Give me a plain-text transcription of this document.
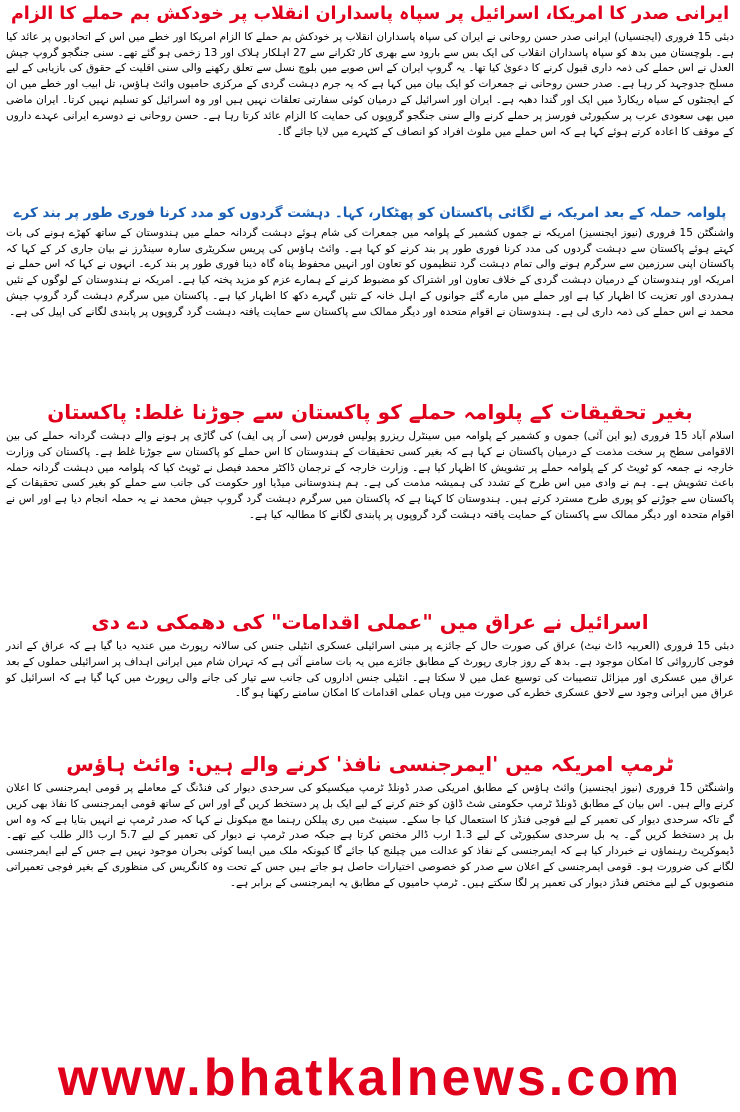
ایرانی صدر کا امریکا، اسرائیل پر سپاہ پاسداران انقلاب پر خودکش بم حملے کا الزام

دبئی 15 فروری (ایجنسیاں) ایرانی صدر حسن روحانی نے ایران کی سپاہ پاسداران انقلاب پر خودکش بم حملے کا الزام امریکا اور خطے میں اس کے اتحادیوں پر عائد کیا ہے۔ بلوچستان میں بدھ کو سپاہ پاسداران انقلاب کی ایک بس سے بارود سے بھری کار ٹکرانے سے 27 اہلکار ہلاک اور 13 زخمی ہو گئے تھے۔ سنی جنگجو گروپ جیش العدل نے اس حملے کی ذمہ داری قبول کرنے کا دعویٰ کیا تھا۔ یہ گروپ ایران کے اس صوبے میں بلوچ نسل سے تعلق رکھنے والی سنی اقلیت کے حقوق کی بازیابی کے لیے مسلح جدوجہد کر رہا ہے۔ صدر حسن روحانی نے جمعرات کو ایک بیان میں کہا ہے کہ یہ جرم دہشت گردی کے مرکزی حامیوں وائٹ ہاؤس، تل ابیب اور خطے میں ان کے ایجنٹوں کے سیاہ ریکارڈ میں ایک اور گندا دھبہ ہے۔ ایران اور اسرائیل کے درمیان کوئی سفارتی تعلقات نہیں ہیں اور وہ اسرائیل کو تسلیم نہیں کرتا۔ ایران ماضی میں بھی سعودی عرب پر سکیورٹی فورسز پر حملے کرنے والے سنی جنگجو گروپوں کی حمایت کا الزام عائد کرتا رہا ہے۔ حسن روحانی نے دوسرے ایرانی عہدے داروں کے موقف کا اعادہ کرتے ہوئے کہا ہے کہ اس حملے میں ملوث افراد کو انصاف کے کٹہرے میں لایا جائے گا۔

پلوامہ حملہ کے بعد امریکہ نے لگائی پاکستان کو پھٹکار، کہا۔ دہشت گردوں کو مدد کرنا فوری طور پر بند کرے

واشنگٹن 15 فروری (نیوز ایجنسیز) امریکہ نے جموں کشمیر کے پلوامہ میں جمعرات کی شام ہوئے دہشت گردانہ حملے میں ہندوستان کے ساتھ کھڑے ہونے کی بات کہتے ہوئے پاکستان سے دہشت گردوں کی مدد کرنا فوری طور پر بند کرنے کو کہا ہے۔ وائٹ ہاؤس کی پریس سکریٹری سارہ سینڈرز نے بیان جاری کر کے کہا کہ پاکستان اپنی سرزمین سے سرگرم ہونے والی تمام دہشت گرد تنظیموں کو تعاون اور انہیں محفوظ پناہ گاہ دینا فوری طور پر بند کرے۔ انہوں نے کہا کہ اس حملے نے امریکہ اور ہندوستان کے درمیان دہشت گردی کے خلاف تعاون اور اشتراک کو مضبوط کرنے کے ہمارے عزم کو مزید پختہ کیا ہے۔ امریکہ نے ہندوستان کے لوگوں کے تئیں ہمدردی اور تعزیت کا اظہار کیا ہے اور حملے میں مارے گئے جوانوں کے اہل خانہ کے تئیں گہرے دکھ کا اظہار کیا ہے۔ پاکستان میں سرگرم دہشت گرد گروپ جیش محمد نے اس حملے کی ذمہ داری لی ہے۔ ہندوستان نے اقوام متحدہ اور دیگر ممالک سے پاکستان سے حمایت یافتہ دہشت گرد گروپوں پر پابندی لگانے کی اپیل کی ہے۔

بغیر تحقیقات کے پلوامہ حملے کو پاکستان سے جوڑنا غلط: پاکستان

اسلام آباد 15 فروری (یو این آئی) جموں و کشمیر کے پلوامہ میں سینٹرل ریزرو پولیس فورس (سی آر پی ایف) کی گاڑی پر ہونے والے دہشت گردانہ حملے کی بین الاقوامی سطح پر سخت مذمت کے درمیان پاکستان نے کہا ہے کہ بغیر کسی تحقیقات کے ہندوستان کا اس حملے کو پاکستان سے جوڑنا غلط ہے۔ پاکستان کی وزارت خارجہ نے جمعہ کو ٹویٹ کر کے پلوامہ حملے پر تشویش کا اظہار کیا ہے۔ وزارت خارجہ کے ترجمان ڈاکٹر محمد فیصل نے ٹویٹ کیا کہ پلوامہ میں دہشت گردانہ حملہ باعث تشویش ہے۔ ہم نے وادی میں اس طرح کے تشدد کی ہمیشہ مذمت کی ہے۔ ہم ہندوستانی میڈیا اور حکومت کی جانب سے حملے کو بغیر کسی تحقیقات کے پاکستان سے جوڑنے کو پوری طرح مسترد کرتے ہیں۔ ہندوستان کا کہنا ہے کہ پاکستان میں سرگرم دہشت گرد گروپ جیش محمد نے یہ حملہ انجام دیا ہے اور اس نے اقوام متحدہ اور دیگر ممالک سے پاکستان کے حمایت یافتہ دہشت گرد گروپوں پر پابندی لگانے کا مطالبہ کیا ہے۔

اسرائیل نے عراق میں "عملی اقدامات" کی دھمکی دے دی

دبئی 15 فروری (العربیہ ڈاٹ نیٹ) عراق کی صورت حال کے جائزے پر مبنی اسرائیلی عسکری انٹیلی جنس کی سالانہ رپورٹ میں عندیہ دیا گیا ہے کہ عراق کے اندر فوجی کارروائی کا امکان موجود ہے۔ بدھ کے روز جاری رپورٹ کے مطابق جائزے میں یہ بات سامنے آئی ہے کہ تہران شام میں ایرانی اہداف پر اسرائیلی حملوں کے بعد عراق میں عسکری اور میزائل تنصیبات کی توسیع عمل میں لا سکتا ہے۔ انٹیلی جنس اداروں کی جانب سے تیار کی جانے والی رپورٹ میں کہا گیا ہے کہ اسرائیل کو عراق میں ایرانی وجود سے لاحق عسکری خطرے کی صورت میں وہاں عملی اقدامات کا امکان سامنے رکھنا ہو گا۔

ٹرمپ امریکہ میں 'ایمرجنسی نافذ' کرنے والے ہیں: وائٹ ہاؤس

واشنگٹن 15 فروری (نیوز ایجنسیز) وائٹ ہاؤس کے مطابق امریکی صدر ڈونلڈ ٹرمپ میکسیکو کی سرحدی دیوار کی فنڈنگ کے معاملے پر قومی ایمرجنسی کا اعلان کرنے والے ہیں۔ اس بیان کے مطابق ڈونلڈ ٹرمپ حکومتی شٹ ڈاؤن کو ختم کرنے کے لیے ایک بل پر دستخط کریں گے اور اس کے ساتھ قومی ایمرجنسی کا نفاذ بھی کریں گے تاکہ سرحدی دیوار کی تعمیر کے لیے فوجی فنڈز کا استعمال کیا جا سکے۔ سینیٹ میں ری پبلکن رہنما مچ میکونل نے کہا کہ صدر ٹرمپ نے انہیں بتایا ہے کہ وہ اس بل پر دستخط کریں گے۔ یہ بل سرحدی سکیورٹی کے لیے 1.3 ارب ڈالر مختص کرتا ہے جبکہ صدر ٹرمپ نے دیوار کی تعمیر کے لیے 5.7 ارب ڈالر طلب کیے تھے۔ ڈیموکریٹ رہنماؤں نے خبردار کیا ہے کہ ایمرجنسی کے نفاذ کو عدالت میں چیلنج کیا جائے گا کیونکہ ملک میں ایسا کوئی بحران موجود نہیں ہے جس کے لیے ایمرجنسی لگانے کی ضرورت ہو۔ قومی ایمرجنسی کے اعلان سے صدر کو خصوصی اختیارات حاصل ہو جاتے ہیں جس کے تحت وہ کانگریس کی منظوری کے بغیر فوجی تعمیراتی منصوبوں کے لیے مختص فنڈز دیوار کی تعمیر پر لگا سکتے ہیں۔ ٹرمپ حامیوں کے مطابق یہ ایمرجنسی کے برابر ہے۔

www.bhatkalnews.com
